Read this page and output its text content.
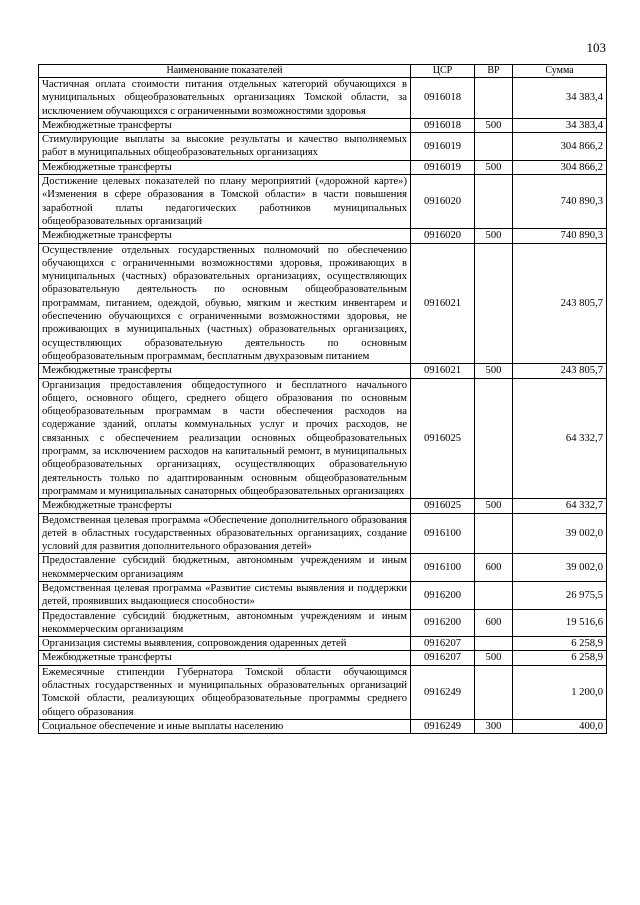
103
Наименование показателей	ЦСР	ВР	Сумма
Частичная оплата стоимости питания отдельных категорий обучающихся в муниципальных общеобразовательных организациях Томской области, за исключением обучающихся с ограниченными возможностями здоровья	0916018		34 383,4
Межбюджетные трансферты	0916018	500	34 383,4
Стимулирующие выплаты за высокие результаты и качество выполняемых работ в муниципальных общеобразовательных организациях	0916019		304 866,2
Межбюджетные трансферты	0916019	500	304 866,2
Достижение целевых показателей по плану мероприятий («дорожной карте») «Изменения в сфере образования в Томской области» в части повышения заработной платы педагогических работников муниципальных общеобразовательных организаций	0916020		740 890,3
Межбюджетные трансферты	0916020	500	740 890,3
Осуществление отдельных государственных полномочий по обеспечению обучающихся с ограниченными возможностями здоровья, проживающих в муниципальных (частных) образовательных организациях, осуществляющих образовательную деятельность по основным общеобразовательным программам, питанием, одеждой, обувью, мягким и жестким инвентарем и обеспечению обучающихся с ограниченными возможностями здоровья, не проживающих в муниципальных (частных) образовательных организациях, осуществляющих образовательную деятельность по основным общеобразовательным программам, бесплатным двухразовым питанием	0916021		243 805,7
Межбюджетные трансферты	0916021	500	243 805,7
Организация предоставления общедоступного и бесплатного начального общего, основного общего, среднего общего образования по основным общеобразовательным программам в части обеспечения расходов на содержание зданий, оплаты коммунальных услуг и прочих расходов, не связанных с обеспечением реализации основных общеобразовательных программ, за исключением расходов на капитальный ремонт, в муниципальных общеобразовательных организациях, осуществляющих образовательную деятельность только по адаптированным основным общеобразовательным программам и муниципальных санаторных общеобразовательных организациях	0916025		64 332,7
Межбюджетные трансферты	0916025	500	64 332,7
Ведомственная целевая программа «Обеспечение дополнительного образования детей в областных государственных образовательных организациях, создание условий для развития дополнительного образования детей»	0916100		39 002,0
Предоставление субсидий бюджетным, автономным учреждениям и иным некоммерческим организациям	0916100	600	39 002,0
Ведомственная целевая программа «Развитие системы выявления и поддержки детей, проявивших выдающиеся способности»	0916200		26 975,5
Предоставление субсидий бюджетным, автономным учреждениям и иным некоммерческим организациям	0916200	600	19 516,6
Организация системы выявления, сопровождения одаренных детей	0916207		6 258,9
Межбюджетные трансферты	0916207	500	6 258,9
Ежемесячные стипендии Губернатора Томской области обучающимся областных государственных и муниципальных образовательных организаций Томской области, реализующих общеобразовательные программы среднего общего образования	0916249		1 200,0
Социальное обеспечение и иные выплаты населению	0916249	300	400,0
